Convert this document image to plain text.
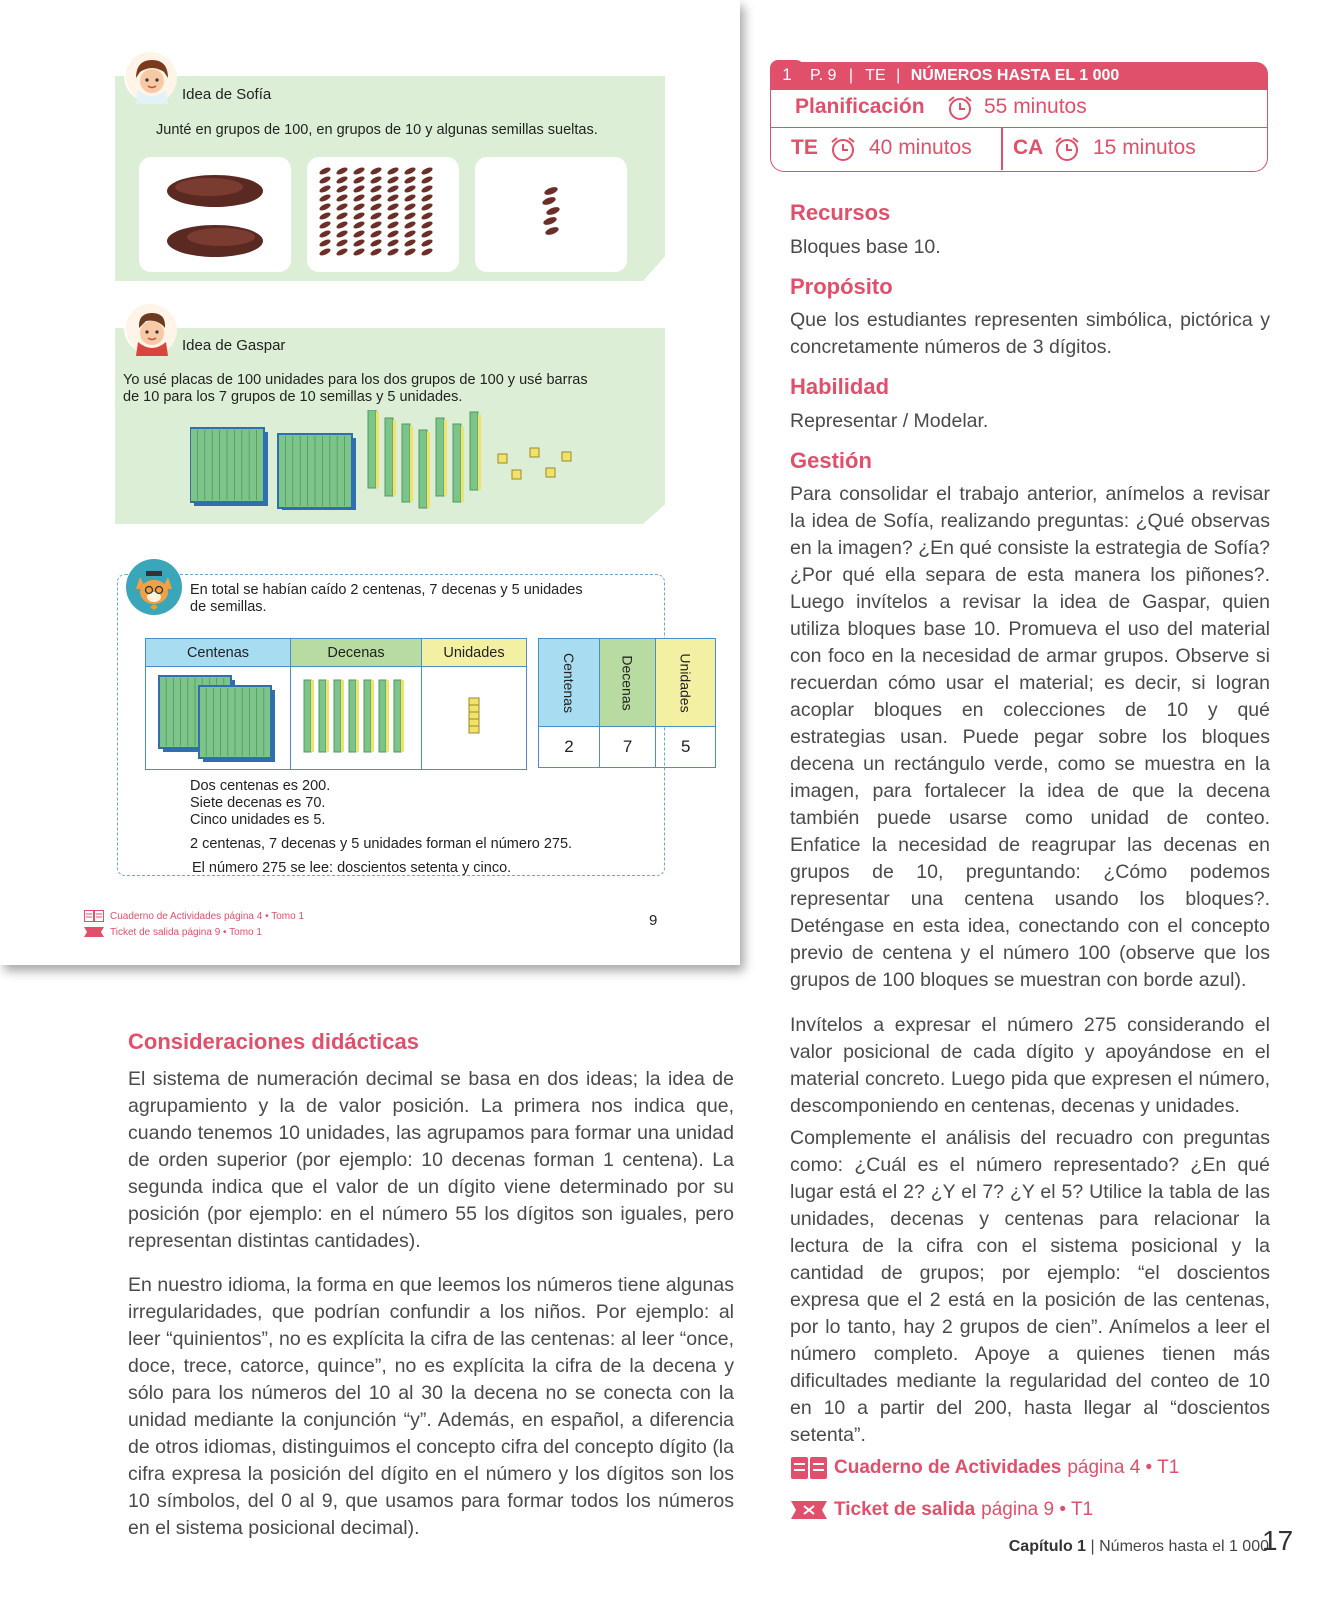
Idea de Sofía
Junté en grupos de 100, en grupos de 10 y algunas semillas sueltas.
Idea de Gaspar
Yo usé placas de 100 unidades para los dos grupos de 100 y usé barras
de 10 para los 7 grupos de 10 semillas y 5 unidades.
En total se habían caído 2 centenas, 7 decenas y 5 unidades
de semillas.
Centenas	Decenas	Unidades

Centenas	Decenas	Unidades
2	7	5
Dos centenas es 200.
Siete decenas es 70.
Cinco unidades es 5.
2 centenas, 7 decenas y 5 unidades forman el número 275.
El número 275 se lee: doscientos setenta y cinco.
Cuaderno de Actividades página 4 • Tomo 1
Ticket de salida página 9 • Tomo 1
9
1	P. 9 | TE | NÚMEROS HASTA EL 1 000
Planificación	55 minutos
TE 40 minutos CA 15 minutos
Recursos
Bloques base 10.
Propósito
Que los estudiantes representen simbólica, pictórica y concretamente números de 3 dígitos.
Habilidad
Representar / Modelar.
Gestión
Para consolidar el trabajo anterior, anímelos a revisar la idea de Sofía, realizando preguntas: ¿Qué observas en la imagen? ¿En qué consiste la estrategia de Sofía? ¿Por qué ella separa de esta manera los piñones?. Luego invítelos a revisar la idea de Gaspar, quien utiliza bloques base 10. Promueva el uso del material con foco en la necesidad de armar grupos. Observe si recuerdan cómo usar el material; es decir, si logran acoplar bloques en colecciones de 10 y qué estrategias usan. Puede pegar sobre los bloques decena un rectángulo verde, como se muestra en la imagen, para fortalecer la idea de que la decena también puede usarse como unidad de conteo. Enfatice la necesidad de reagrupar las decenas en grupos de 10, preguntando: ¿Cómo podemos representar una centena usando los bloques?. Deténgase en esta idea, conectando con el concepto previo de centena y el número 100 (observe que los grupos de 100 bloques se muestran con borde azul).
Invítelos a expresar el número 275 considerando el valor posicional de cada dígito y apoyándose en el material concreto. Luego pida que expresen el número, descomponiendo en centenas, decenas y unidades.
Complemente el análisis del recuadro con preguntas como: ¿Cuál es el número representado? ¿En qué lugar está el 2? ¿Y el 7? ¿Y el 5? Utilice la tabla de las unidades, decenas y centenas para relacionar la lectura de la cifra con el sistema posicional y la cantidad de grupos; por ejemplo: “el doscientos expresa que el 2 está en la posición de las centenas, por lo tanto, hay 2 grupos de cien”. Anímelos a leer el número completo. Apoye a quienes tienen más dificultades mediante la regularidad del conteo de 10 en 10 a partir del 200, hasta llegar al “doscientos setenta”.
Cuaderno de Actividades página 4 • T1
Ticket de salida página 9 • T1
Consideraciones didácticas
El sistema de numeración decimal se basa en dos ideas; la idea de agrupamiento y la de valor posición. La primera nos indica que, cuando tenemos 10 unidades, las agrupamos para formar una unidad de orden superior (por ejemplo: 10 decenas forman 1 centena). La segunda indica que el valor de un dígito viene determinado por su posición (por ejemplo: en el número 55 los dígitos son iguales, pero representan distintas cantidades).
En nuestro idioma, la forma en que leemos los números tiene algunas irregularidades, que podrían confundir a los niños. Por ejemplo: al leer “quinientos”, no es explícita la cifra de las centenas: al leer “once, doce, trece, catorce, quince”, no es explícita la cifra de la decena y sólo para los números del 10 al 30 la decena no se conecta con la unidad mediante la conjunción “y”. Además, en español, a diferencia de otros idiomas, distinguimos el concepto cifra del concepto dígito (la cifra expresa la posición del dígito en el número y los dígitos son los 10 símbolos, del 0 al 9, que usamos para formar todos los números en el sistema posicional decimal).
Capítulo 1 | Números hasta el 1 000
17
